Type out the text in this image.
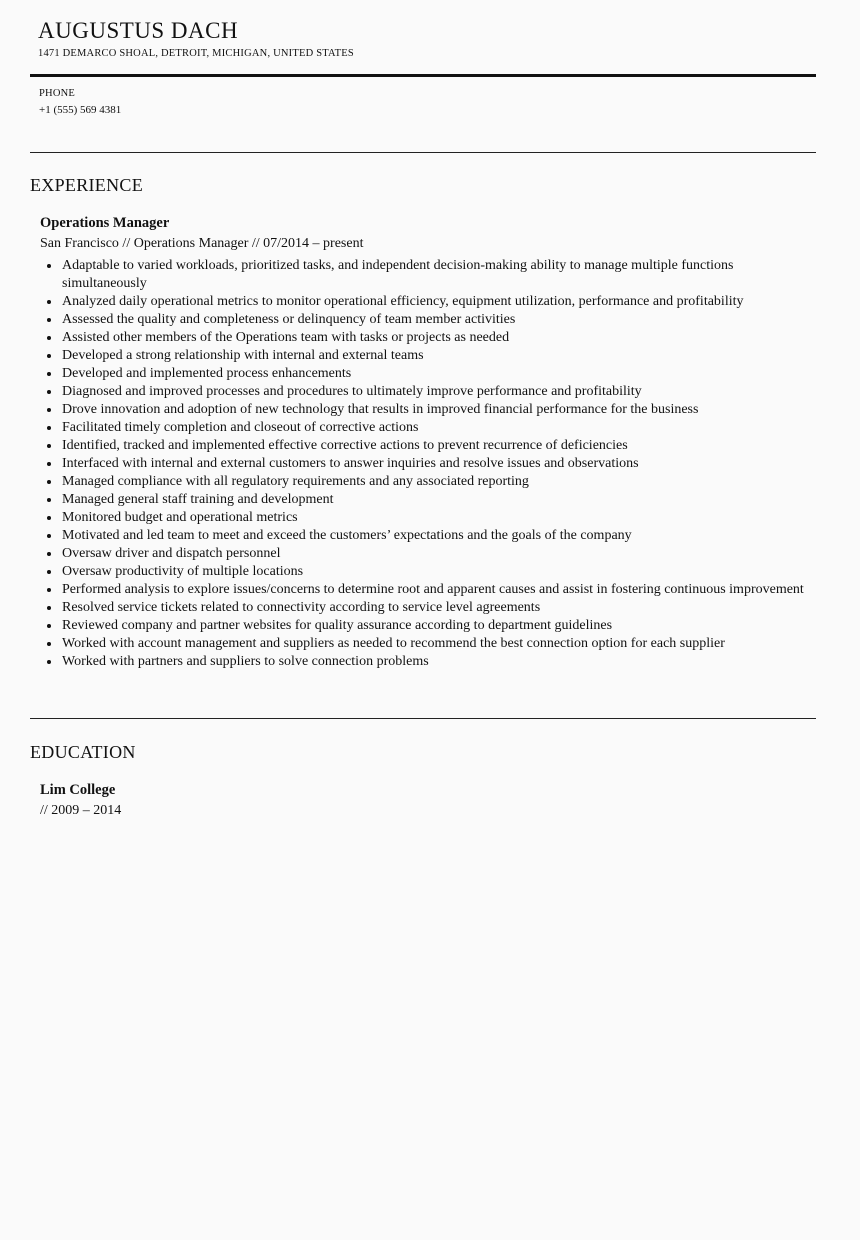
AUGUSTUS DACH
1471 DEMARCO SHOAL, DETROIT, MICHIGAN, UNITED STATES
PHONE
+1 (555) 569 4381
EXPERIENCE
Operations Manager
San Francisco // Operations Manager // 07/2014 – present
Adaptable to varied workloads, prioritized tasks, and independent decision-making ability to manage multiple functions simultaneously
Analyzed daily operational metrics to monitor operational efficiency, equipment utilization, performance and profitability
Assessed the quality and completeness or delinquency of team member activities
Assisted other members of the Operations team with tasks or projects as needed
Developed a strong relationship with internal and external teams
Developed and implemented process enhancements
Diagnosed and improved processes and procedures to ultimately improve performance and profitability
Drove innovation and adoption of new technology that results in improved financial performance for the business
Facilitated timely completion and closeout of corrective actions
Identified, tracked and implemented effective corrective actions to prevent recurrence of deficiencies
Interfaced with internal and external customers to answer inquiries and resolve issues and observations
Managed compliance with all regulatory requirements and any associated reporting
Managed general staff training and development
Monitored budget and operational metrics
Motivated and led team to meet and exceed the customers’ expectations and the goals of the company
Oversaw driver and dispatch personnel
Oversaw productivity of multiple locations
Performed analysis to explore issues/concerns to determine root and apparent causes and assist in fostering continuous improvement
Resolved service tickets related to connectivity according to service level agreements
Reviewed company and partner websites for quality assurance according to department guidelines
Worked with account management and suppliers as needed to recommend the best connection option for each supplier
Worked with partners and suppliers to solve connection problems
EDUCATION
Lim College
// 2009 – 2014
